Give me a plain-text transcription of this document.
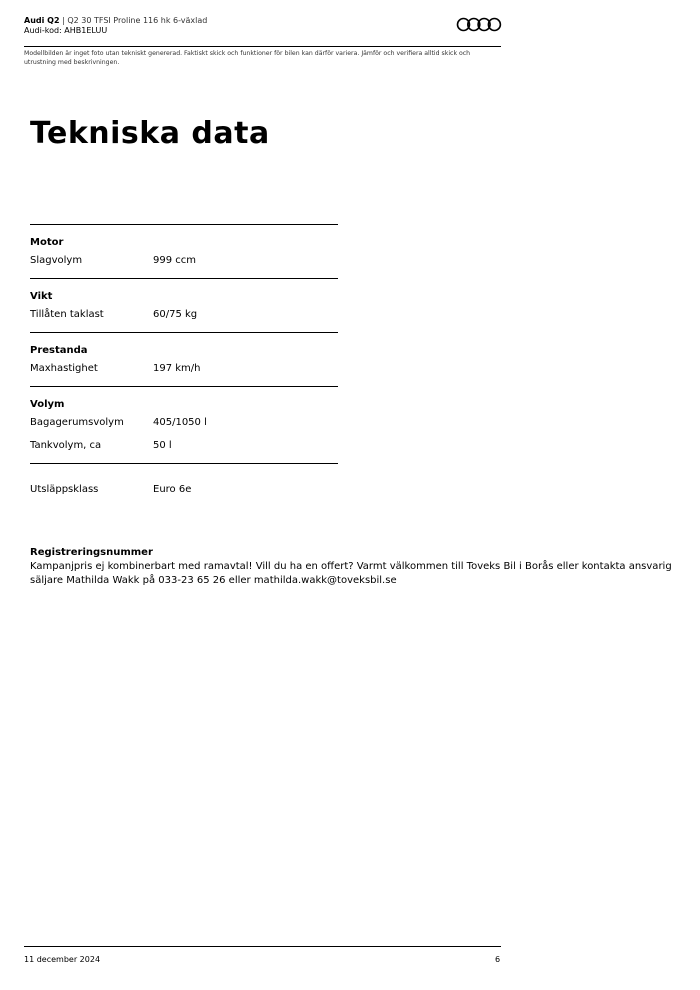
Audi Q2 | Q2 30 TFSI Proline 116 hk 6-växlad
Audi-kod: AHB1ELUU
Modellbilden är inget foto utan tekniskt genererad. Faktiskt skick och funktioner för bilen kan därför variera. Jämför och verifiera alltid skick och utrustning med beskrivningen.
Tekniska data
Motor
Slagvolym	999 ccm
Vikt
Tillåten taklast	60/75 kg
Prestanda
Maxhastighet	197 km/h
Volym
Bagagerumsvolym	405/1050 l
Tankvolym, ca	50 l
Utsläppsklass	Euro 6e
Registreringsnummer
Kampanjpris ej kombinerbart med ramavtal! Vill du ha en offert? Varmt välkommen till Toveks Bil i Borås eller kontakta ansvarig säljare Mathilda Wakk på 033-23 65 26 eller mathilda.wakk@toveksbil.se
11 december 2024	6
